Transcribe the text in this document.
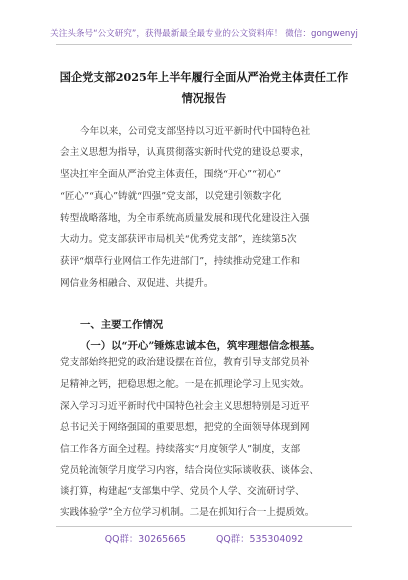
关注头条号“公文研究”，获得最新最全最专业的公文资料库！ 微信：gongwenyj
国企党支部2025年上半年履行全面从严治党主体责任工作
情况报告
今年以来，公司党支部坚持以习近平新时代中国特色社
会主义思想为指导，认真贯彻落实新时代党的建设总要求，
坚决扛牢全面从严治党主体责任，围绕“开心”“初心”
“匠心”“真心”铸就“四强”党支部，以党建引领数字化
转型战略落地，为全市系统高质量发展和现代化建设注入强
大动力。党支部获评市局机关“优秀党支部”，连续第5次
获评“烟草行业网信工作先进部门”，持续推动党建工作和
网信业务相融合、双促进、共提升。
一、主要工作情况
（一）以“开心”锤炼忠诚本色，筑牢理想信念根基。
党支部始终把党的政治建设摆在首位，教育引导支部党员补
足精神之钙，把稳思想之舵。一是在抓理论学习上见实效。
深入学习习近平新时代中国特色社会主义思想特别是习近平
总书记关于网络强国的重要思想，把党的全面领导体现到网
信工作各方面全过程。持续落实“月度领学人”制度，支部
党员轮流领学月度学习内容，结合岗位实际谈收获、谈体会、
谈打算，构建起“支部集中学、党员个人学、交流研讨学、
实践体验学”全方位学习机制。二是在抓知行合一上提质效。
QQ群：30265665	QQ群：535304092
